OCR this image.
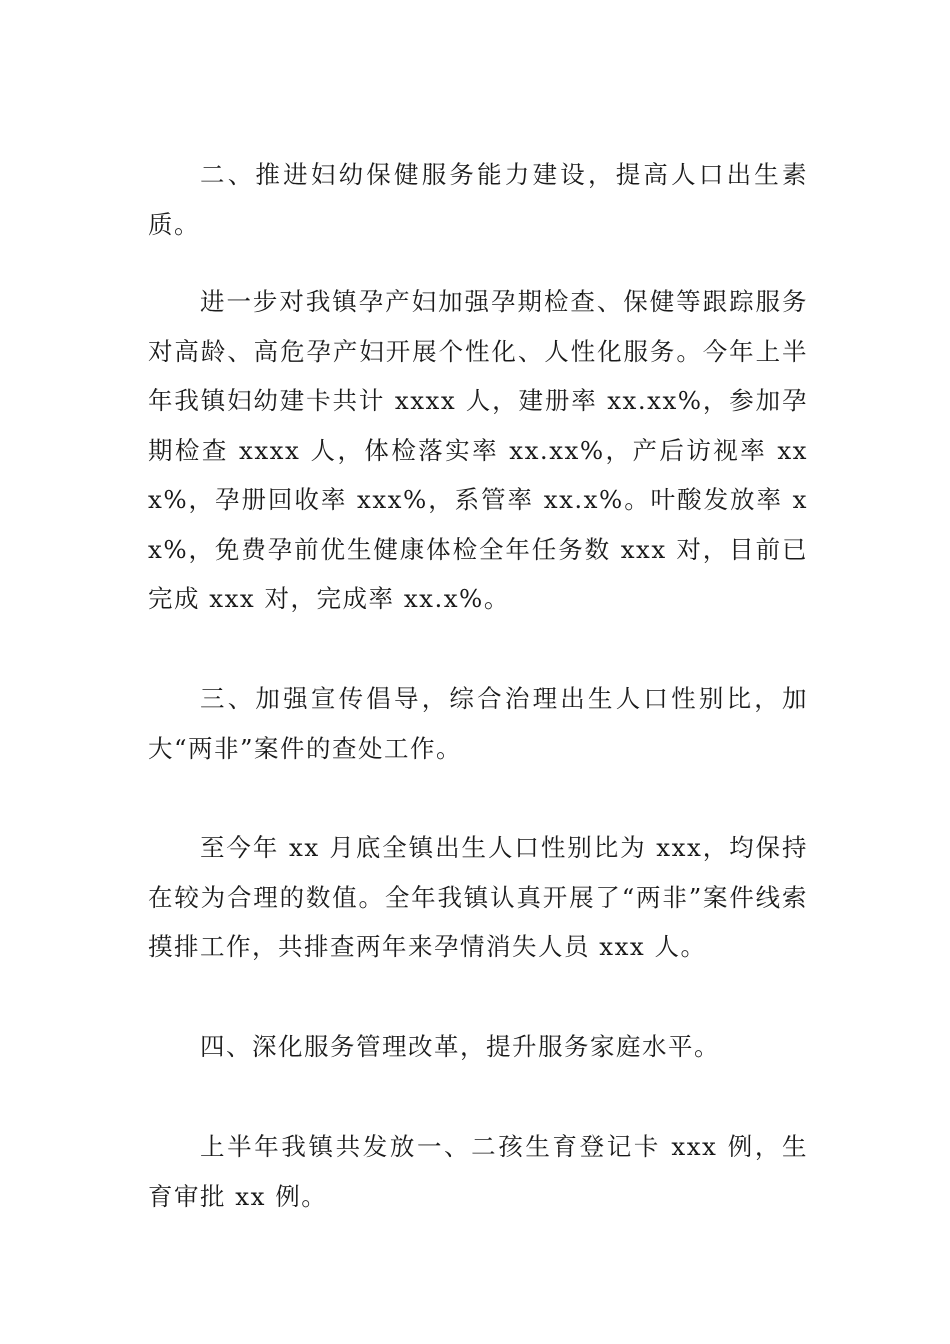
二、推进妇幼保健服务能力建设，提高人口出生素质。

进一步对我镇孕产妇加强孕期检查、保健等跟踪服务对高龄、高危孕产妇开展个性化、人性化服务。今年上半年我镇妇幼建卡共计 xxxx 人，建册率 xx.xx%，参加孕期检查 xxxx 人，体检落实率 xx.xx%，产后访视率 xxx%，孕册回收率 xxx%，系管率 xx.x%。叶酸发放率 xx%，免费孕前优生健康体检全年任务数 xxx 对，目前已完成 xxx 对，完成率 xx.x%。

三、加强宣传倡导，综合治理出生人口性别比，加大“两非”案件的查处工作。

至今年 xx 月底全镇出生人口性别比为 xxx，均保持在较为合理的数值。全年我镇认真开展了“两非”案件线索摸排工作，共排查两年来孕情消失人员 xxx 人。

四、深化服务管理改革，提升服务家庭水平。

上半年我镇共发放一、二孩生育登记卡 xxx 例，生育审批 xx 例。
